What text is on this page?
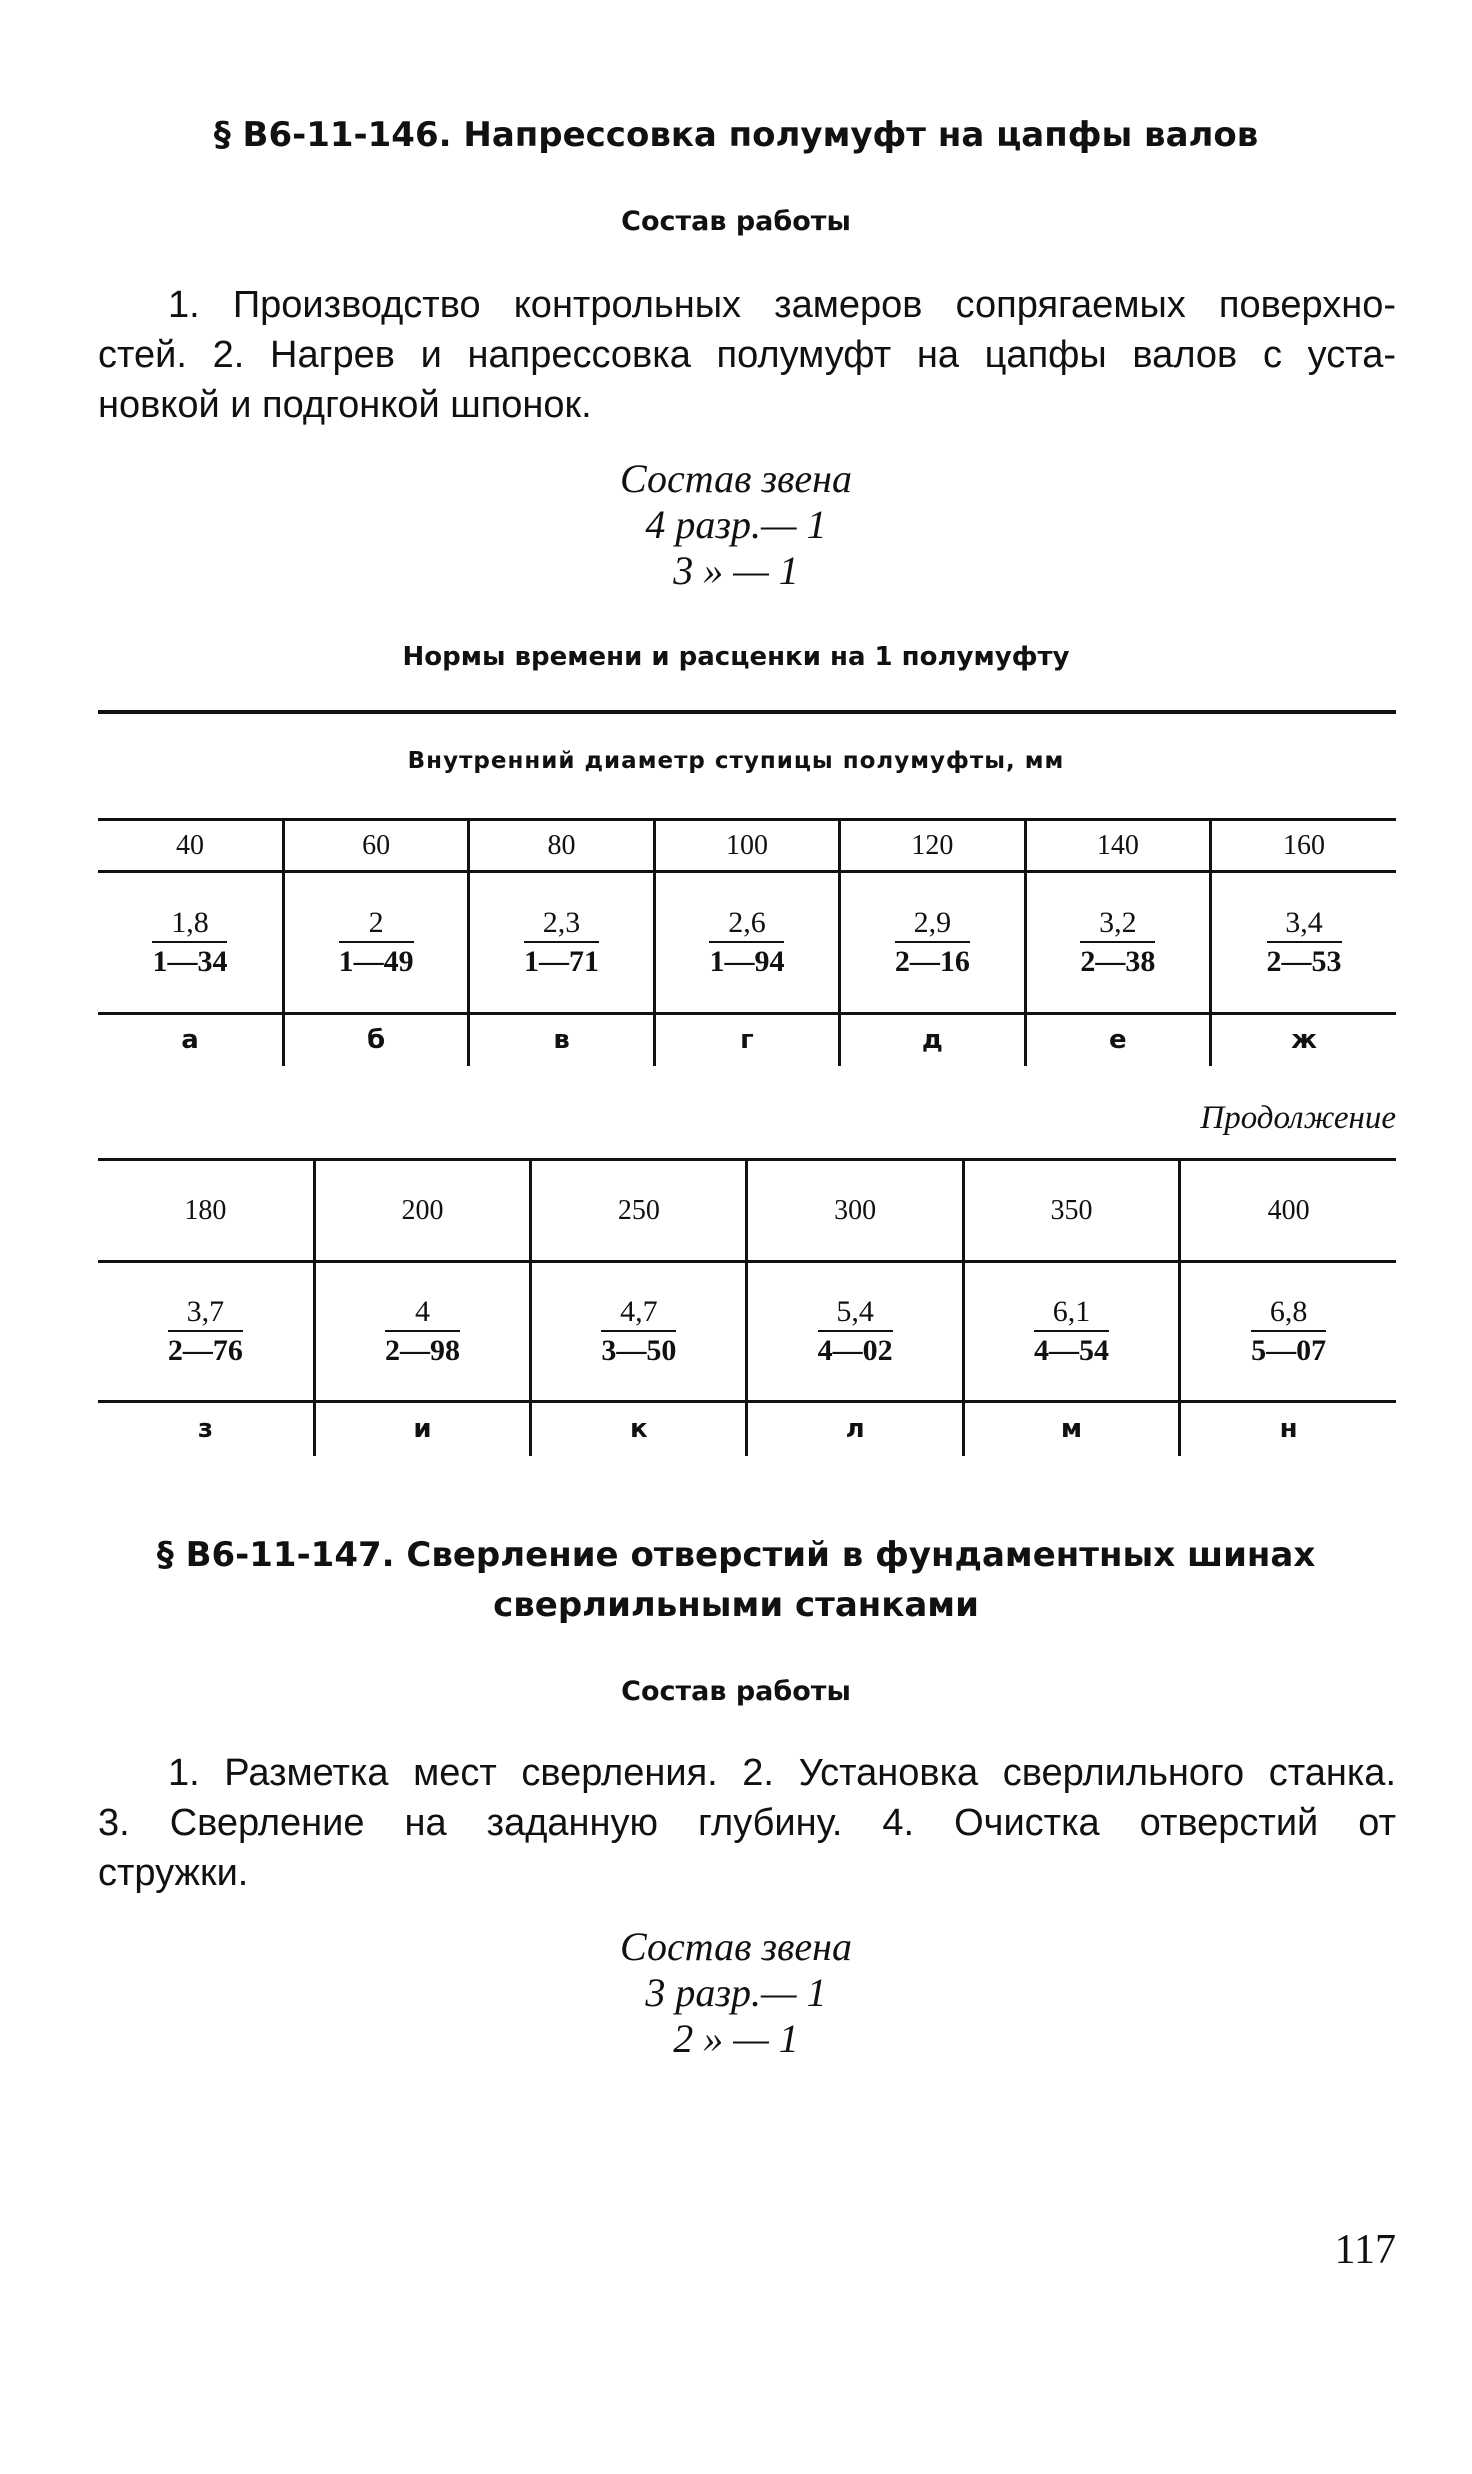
§ В6-11-146. Напрессовка полумуфт на цапфы валов
Состав работы
1. Производство контрольных замеров сопрягаемых поверхно-
стей. 2. Нагрев и напрессовка полумуфт на цапфы валов с уста-
новкой и подгонкой шпонок.
Состав звена
4 разр.— 1
3 » — 1
Нормы времени и расценки на 1 полумуфту
Внутренний диаметр ступицы полумуфты, мм
40	60	80	100	120	140	160

$\frac{1,8}{1—34}$	$\frac{2}{1—49}$	$\frac{2,3}{1—71}$	$\frac{2,6}{1—94}$	$\frac{2,9}{2—16}$	$\frac{3,2}{2—38}$	$\frac{3,4}{2—53}$

а	б	в	г	д	е	ж
Продолжение
180	200	250	300	350	400

$\frac{3,7}{2—76}$	$\frac{4}{2—98}$	$\frac{4,7}{3—50}$	$\frac{5,4}{4—02}$	$\frac{6,1}{4—54}$	$\frac{6,8}{5—07}$

з	и	к	л	м	н
§ В6-11-147. Сверление отверстий в фундаментных шинах
сверлильными станками
Состав работы
1. Разметка мест сверления. 2. Установка сверлильного станка.
3. Сверление на заданную глубину. 4. Очистка отверстий от
стружки.
Состав звена
3 разр.— 1
2 » — 1
117
